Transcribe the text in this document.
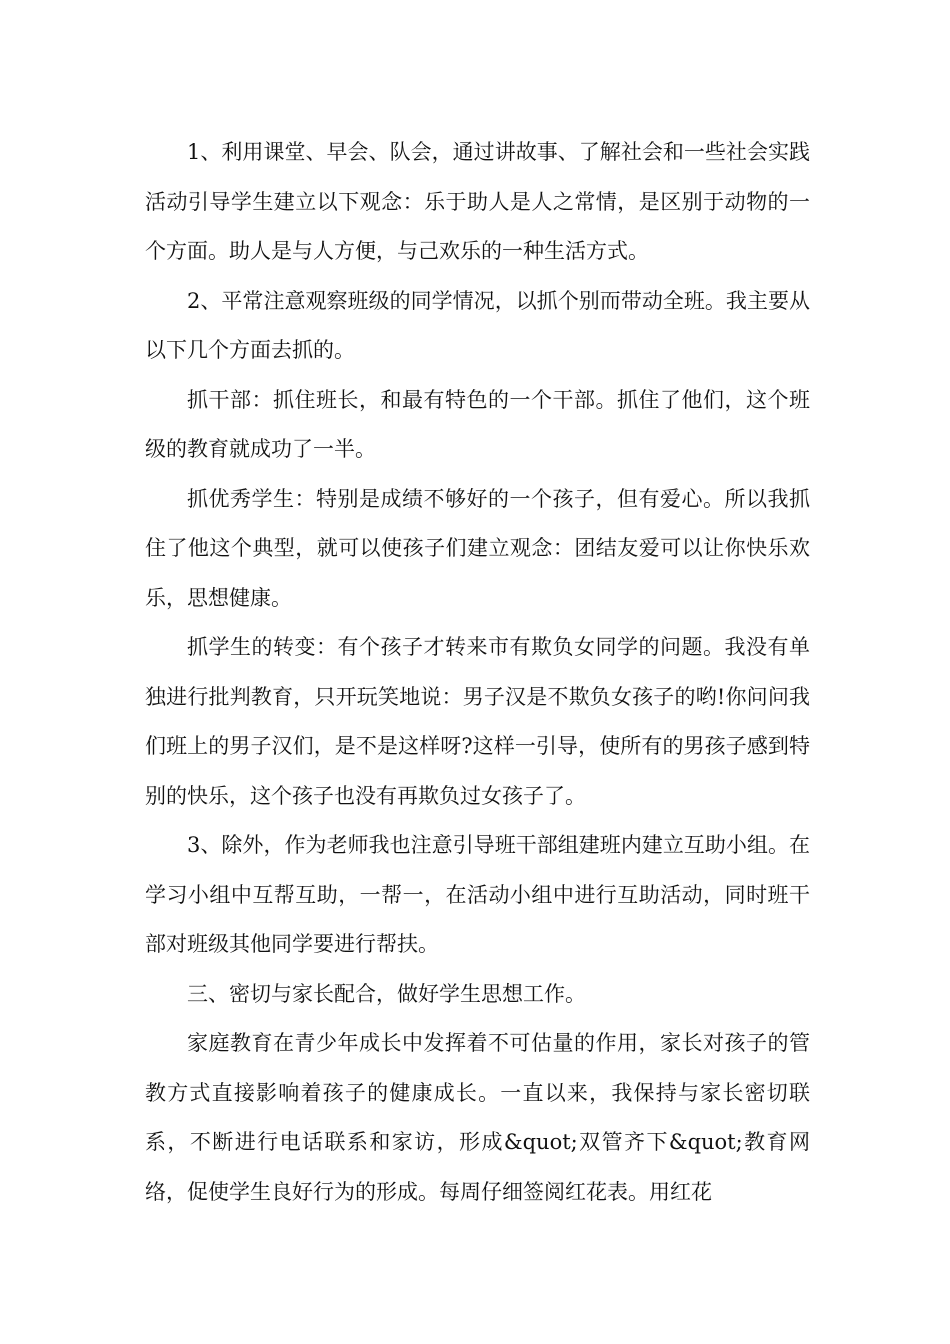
1、利用课堂、早会、队会，通过讲故事、了解社会和一些社会实践活动引导学生建立以下观念：乐于助人是人之常情，是区别于动物的一个方面。助人是与人方便，与己欢乐的一种生活方式。

2、平常注意观察班级的同学情况，以抓个别而带动全班。我主要从以下几个方面去抓的。

抓干部：抓住班长，和最有特色的一个干部。抓住了他们，这个班级的教育就成功了一半。

抓优秀学生：特别是成绩不够好的一个孩子，但有爱心。所以我抓住了他这个典型，就可以使孩子们建立观念：团结友爱可以让你快乐欢乐，思想健康。

抓学生的转变：有个孩子才转来市有欺负女同学的问题。我没有单独进行批判教育，只开玩笑地说：男子汉是不欺负女孩子的哟!你问问我们班上的男子汉们，是不是这样呀?这样一引导，使所有的男孩子感到特别的快乐，这个孩子也没有再欺负过女孩子了。

3、除外，作为老师我也注意引导班干部组建班内建立互助小组。在学习小组中互帮互助，一帮一，在活动小组中进行互助活动，同时班干部对班级其他同学要进行帮扶。

三、密切与家长配合，做好学生思想工作。

家庭教育在青少年成长中发挥着不可估量的作用，家长对孩子的管教方式直接影响着孩子的健康成长。一直以来，我保持与家长密切联系，不断进行电话联系和家访，形成&quot;双管齐下&quot;教育网络，促使学生良好行为的形成。每周仔细签阅红花表。用红花
